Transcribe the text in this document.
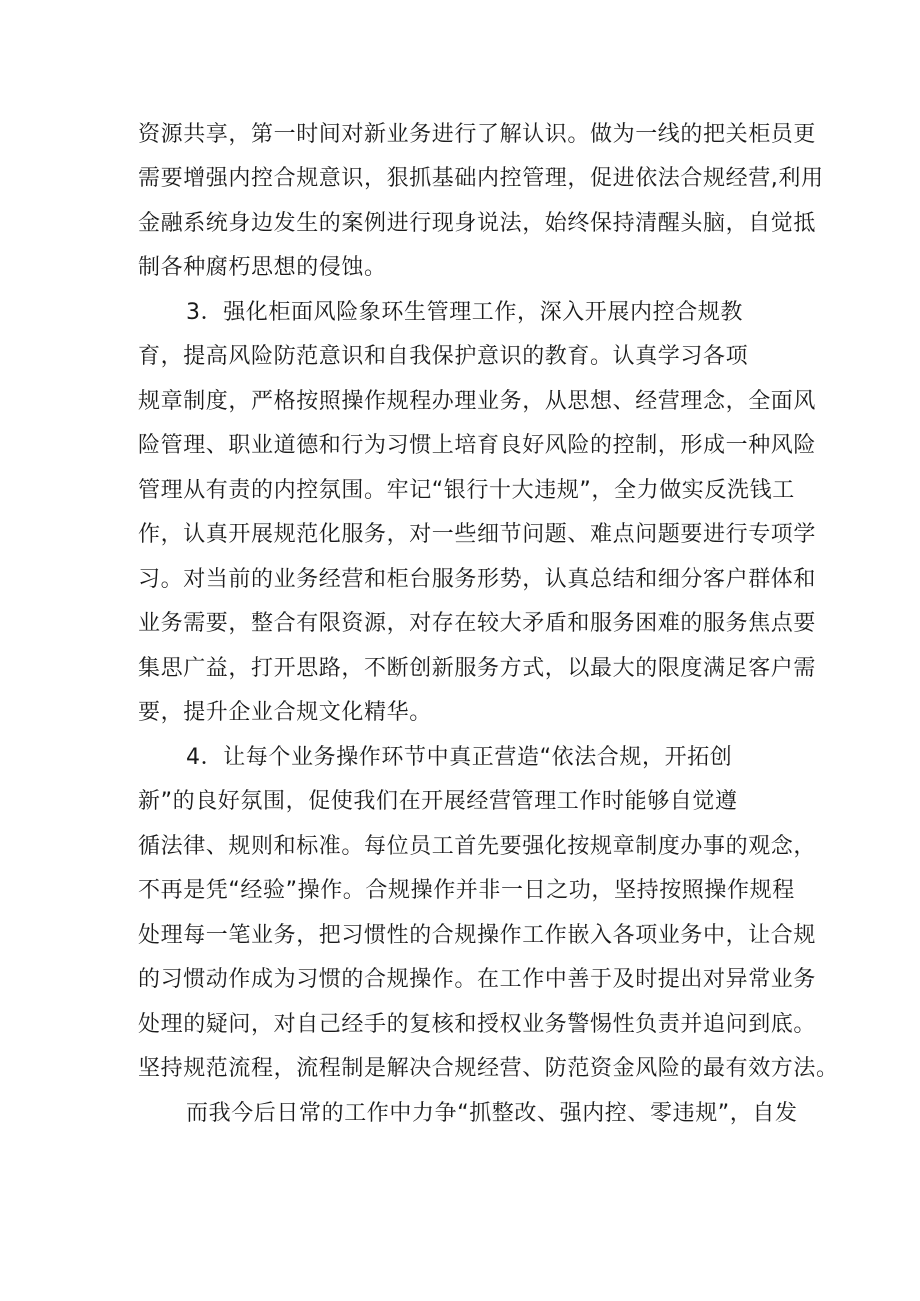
资源共享，第一时间对新业务进行了解认识。做为一线的把关柜员更
需要增强内控合规意识，狠抓基础内控管理，促进依法合规经营,利用
金融系统身边发生的案例进行现身说法，始终保持清醒头脑，自觉抵
制各种腐朽思想的侵蚀。
3．强化柜面风险象环生管理工作，深入开展内控合规教
育，提高风险防范意识和自我保护意识的教育。认真学习各项
规章制度，严格按照操作规程办理业务，从思想、经营理念，全面风
险管理、职业道德和行为习惯上培育良好风险的控制，形成一种风险
管理从有责的内控氛围。牢记“银行十大违规”，全力做实反洗钱工
作，认真开展规范化服务，对一些细节问题、难点问题要进行专项学
习。对当前的业务经营和柜台服务形势，认真总结和细分客户群体和
业务需要，整合有限资源，对存在较大矛盾和服务困难的服务焦点要
集思广益，打开思路，不断创新服务方式，以最大的限度满足客户需
要，提升企业合规文化精华。
4．让每个业务操作环节中真正营造“依法合规，开拓创
新”的良好氛围，促使我们在开展经营管理工作时能够自觉遵
循法律、规则和标准。每位员工首先要强化按规章制度办事的观念，
不再是凭“经验”操作。合规操作并非一日之功，坚持按照操作规程
处理每一笔业务，把习惯性的合规操作工作嵌入各项业务中，让合规
的习惯动作成为习惯的合规操作。在工作中善于及时提出对异常业务
处理的疑问，对自己经手的复核和授权业务警惕性负责并追问到底。
坚持规范流程，流程制是解决合规经营、防范资金风险的最有效方法。
而我今后日常的工作中力争“抓整改、强内控、零违规”，自发
